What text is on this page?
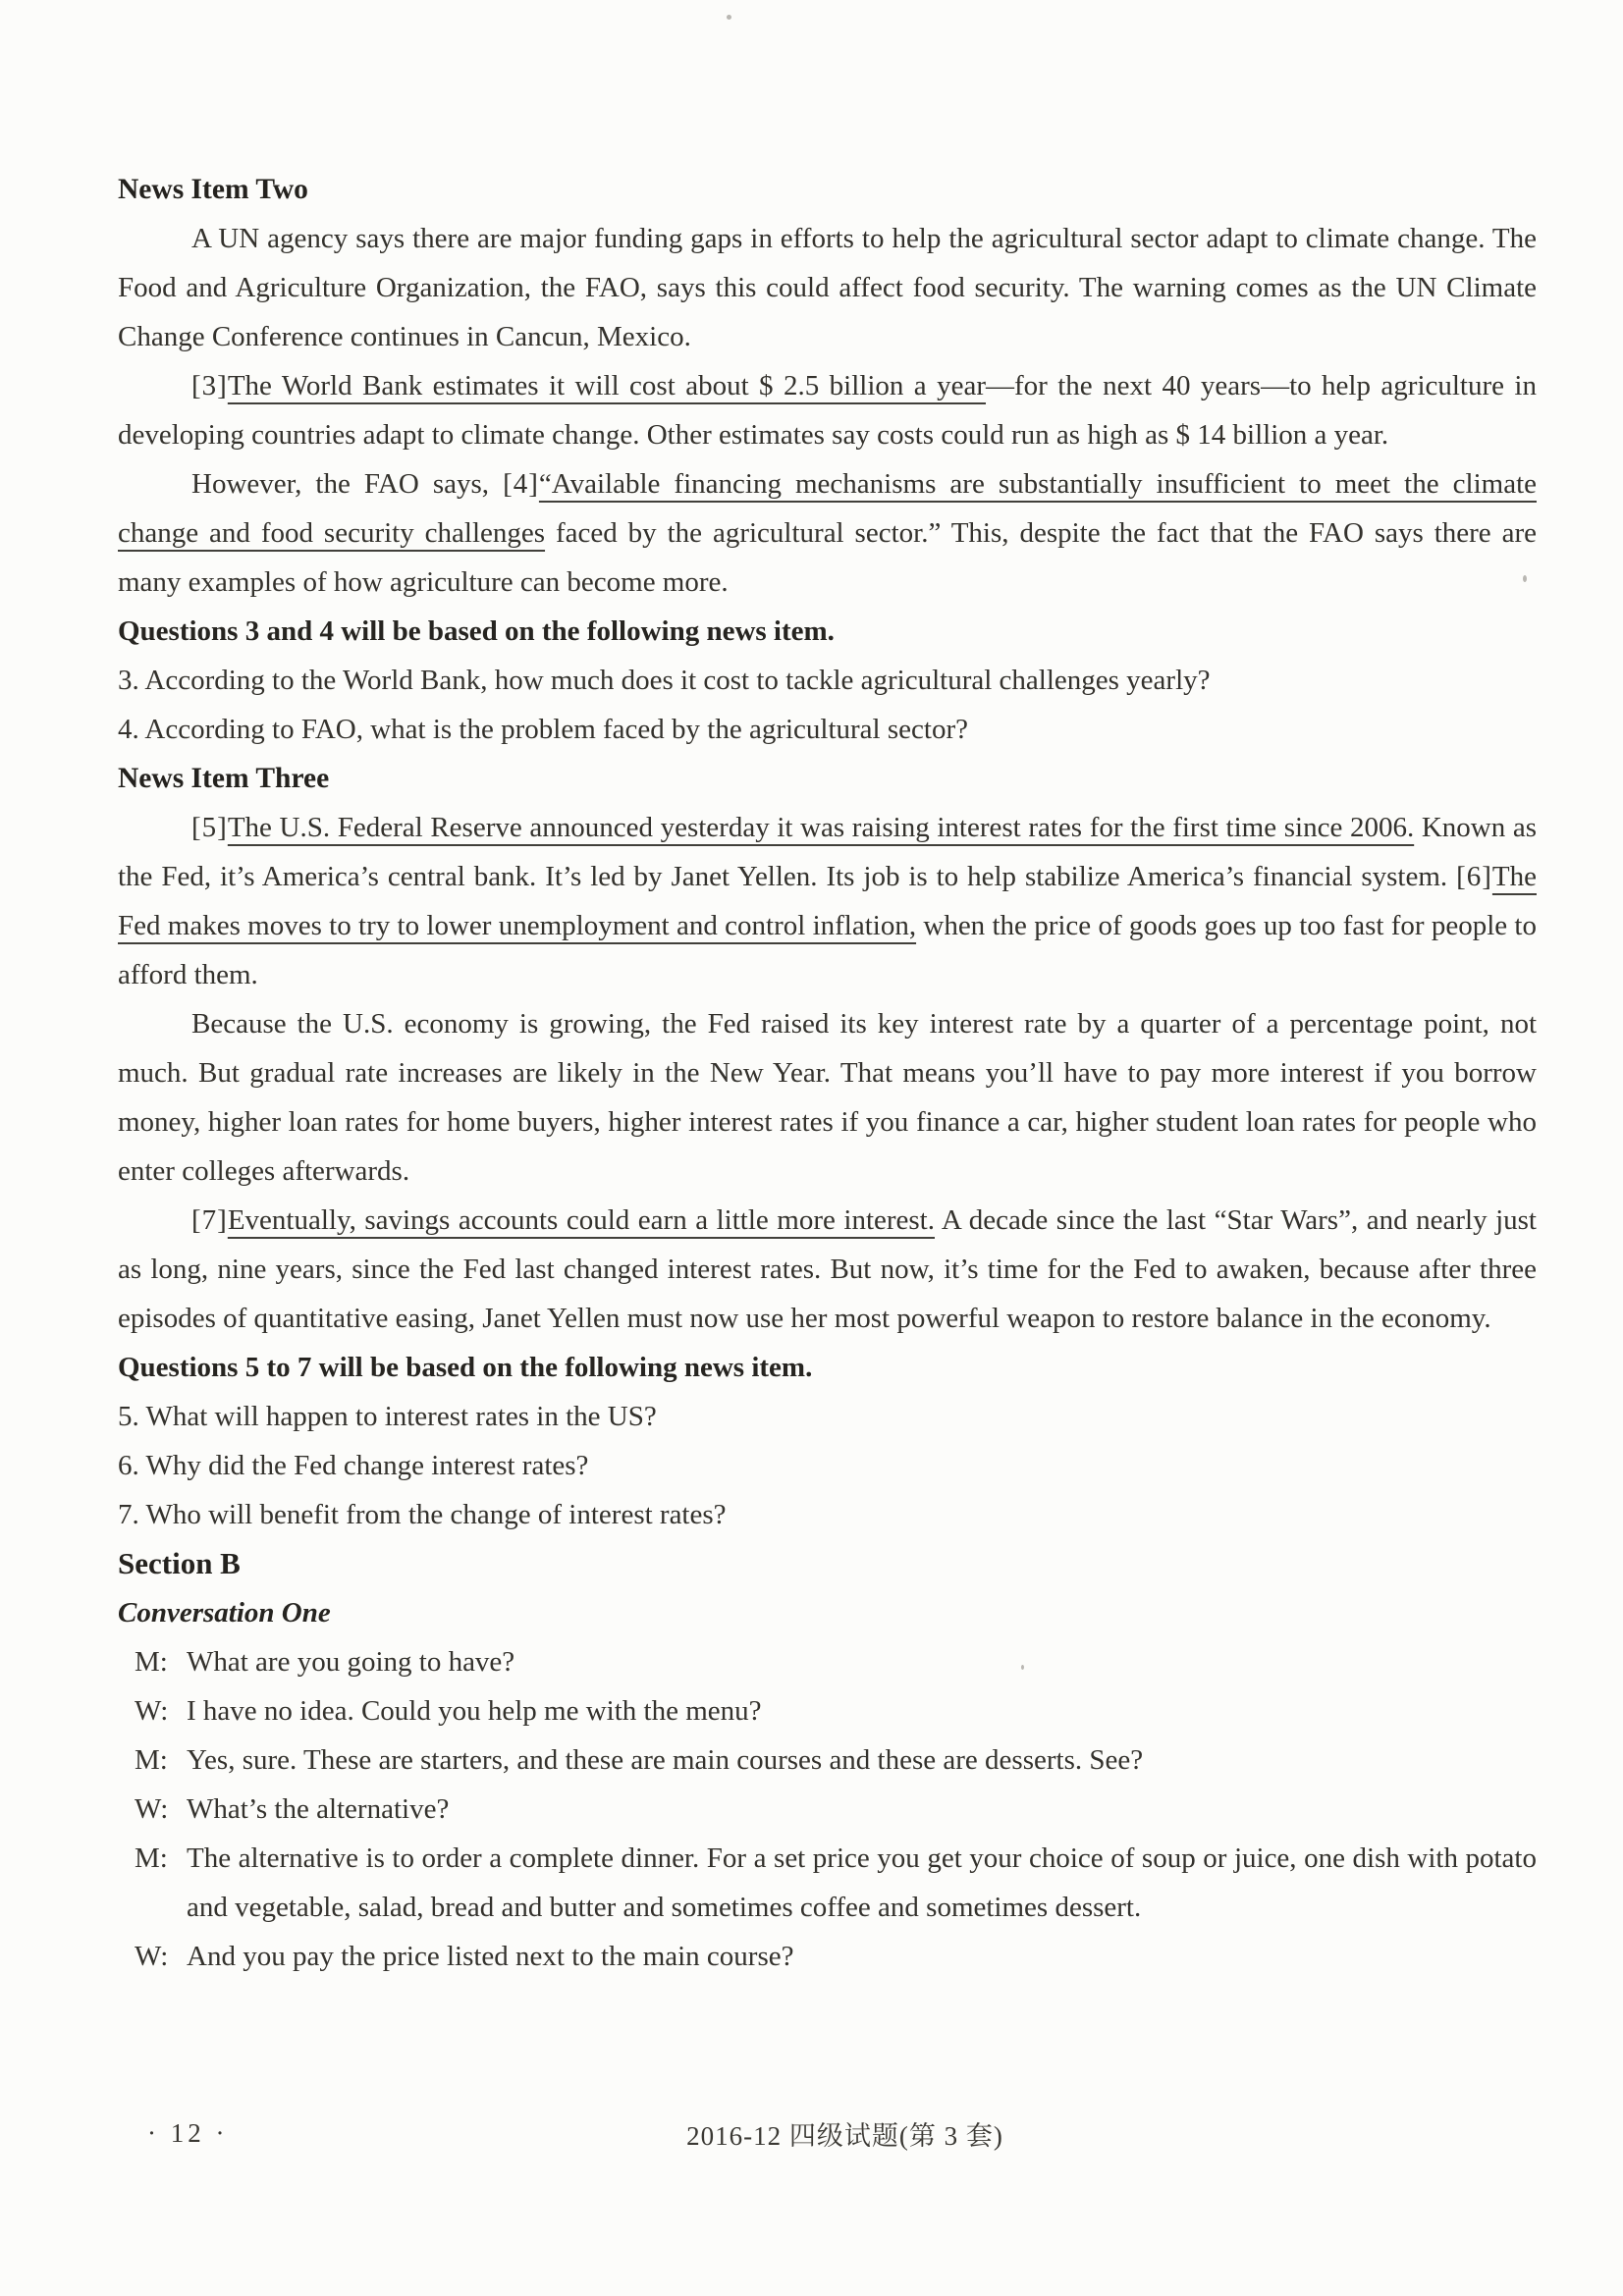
News Item Two

A UN agency says there are major funding gaps in efforts to help the agricultural sector adapt to climate change. The Food and Agriculture Organization, the FAO, says this could affect food security. The warning comes as the UN Climate Change Conference continues in Cancun, Mexico.

[3]The World Bank estimates it will cost about $ 2.5 billion a year—for the next 40 years—to help agriculture in developing countries adapt to climate change. Other estimates say costs could run as high as $ 14 billion a year.

However, the FAO says, [4]“Available financing mechanisms are substantially insufficient to meet the climate change and food security challenges faced by the agricultural sector.” This, despite the fact that the FAO says there are many examples of how agriculture can become more.

Questions 3 and 4 will be based on the following news item.

3. According to the World Bank, how much does it cost to tackle agricultural challenges yearly?

4. According to FAO, what is the problem faced by the agricultural sector?

News Item Three

[5]The U.S. Federal Reserve announced yesterday it was raising interest rates for the first time since 2006. Known as the Fed, it’s America’s central bank. It’s led by Janet Yellen. Its job is to help stabilize America’s financial system. [6]The Fed makes moves to try to lower unemployment and control inflation, when the price of goods goes up too fast for people to afford them.

Because the U.S. economy is growing, the Fed raised its key interest rate by a quarter of a percentage point, not much. But gradual rate increases are likely in the New Year. That means you’ll have to pay more interest if you borrow money, higher loan rates for home buyers, higher interest rates if you finance a car, higher student loan rates for people who enter colleges afterwards.

[7]Eventually, savings accounts could earn a little more interest. A decade since the last “Star Wars”, and nearly just as long, nine years, since the Fed last changed interest rates. But now, it’s time for the Fed to awaken, because after three episodes of quantitative easing, Janet Yellen must now use her most powerful weapon to restore balance in the economy.

Questions 5 to 7 will be based on the following news item.

5. What will happen to interest rates in the US?

6. Why did the Fed change interest rates?

7. Who will benefit from the change of interest rates?

Section B

Conversation One

M: What are you going to have?

W: I have no idea. Could you help me with the menu?

M: Yes, sure. These are starters, and these are main courses and these are desserts. See?

W: What’s the alternative?

M: The alternative is to order a complete dinner. For a set price you get your choice of soup or juice, one dish with potato and vegetable, salad, bread and butter and sometimes coffee and sometimes dessert.

W: And you pay the price listed next to the main course?

· 12 ·	2016-12 四级试题(第 3 套)
